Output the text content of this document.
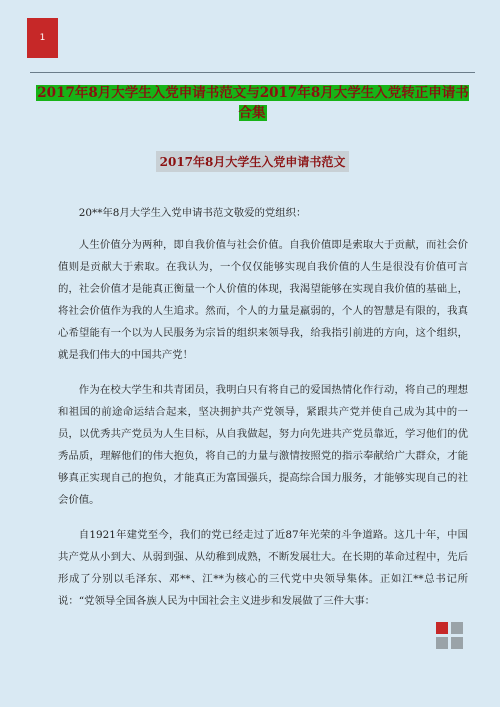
1
2017年8月大学生入党申请书范文与2017年8月大学生入党转正申请书合集
2017年8月大学生入党申请书范文

20**年8月大学生入党申请书范文敬爱的党组织：

人生价值分为两种，即自我价值与社会价值。自我价值即是索取大于贡献，而社会价值则是贡献大于索取。在我认为，一个仅仅能够实现自我价值的人生是很没有价值可言的，社会价值才是能真正衡量一个人价值的体现，我渴望能够在实现自我价值的基础上，将社会价值作为我的人生追求。然而，个人的力量是羸弱的，个人的智慧是有限的，我真心希望能有一个以为人民服务为宗旨的组织来领导我，给我指引前进的方向，这个组织，就是我们伟大的中国共产党！

作为在校大学生和共青团员，我明白只有将自己的爱国热情化作行动，将自己的理想和祖国的前途命运结合起来，坚决拥护共产党领导，紧跟共产党并使自己成为其中的一员，以优秀共产党员为人生目标，从自我做起，努力向先进共产党员靠近，学习他们的优秀品质，理解他们的伟大抱负，将自己的力量与激情按照党的指示奉献给广大群众，才能够真正实现自己的抱负，才能真正为富国强兵，提高综合国力服务，才能够实现自己的社会价值。

自1921年建党至今，我们的党已经走过了近87年光荣的斗争道路。这几十年，中国共产党从小到大、从弱到强、从幼稚到成熟，不断发展壮大。在长期的革命过程中，先后形成了分别以毛泽东、邓**、江**为核心的三代党中央领导集体。正如江**总书记所说：“党领导全国各族人民为中国社会主义进步和发展做了三件大事：
